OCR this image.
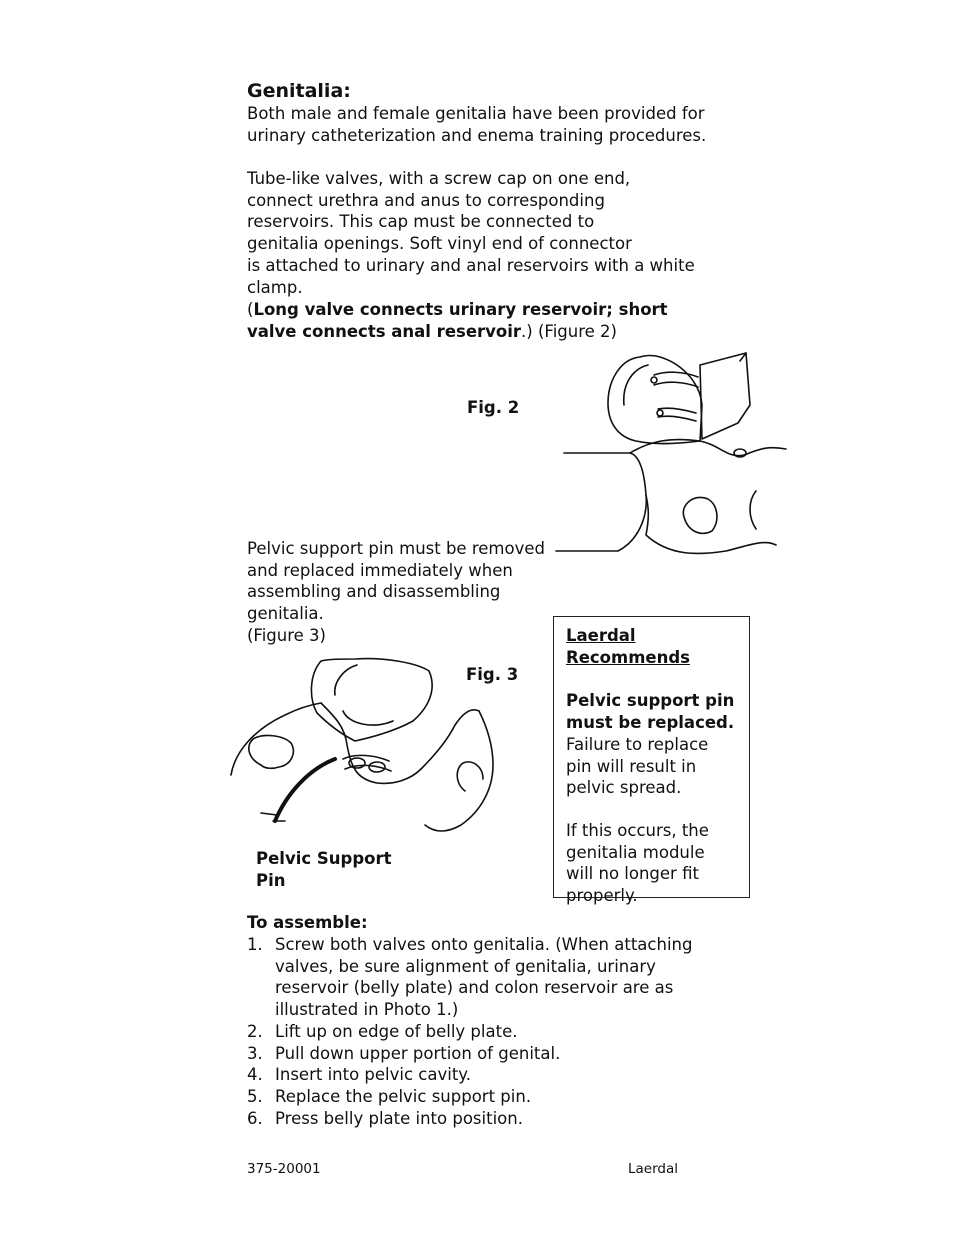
Genitalia:
Both male and female genitalia have been provided for
urinary catheterization and enema training procedures.
Tube-like valves, with a screw cap on one end,
connect urethra and anus to corresponding
reservoirs. This cap must be connected to
genitalia openings. Soft vinyl end of connector
is attached to urinary and anal reservoirs with a white
clamp.
(Long valve connects urinary reservoir; short valve connects anal reservoir.) (Figure 2)
Fig. 2
Pelvic support pin must be removed
and replaced immediately when
assembling and disassembling genitalia.
(Figure 3)
Fig. 3
Pelvic Support
Pin
Laerdal
Recommends

Pelvic support pin must be replaced.

Failure to replace pin will result in pelvic spread.

If this occurs, the genitalia module will no longer fit properly.

To assemble:
1. Screw both valves onto genitalia. (When attaching valves, be sure alignment of genitalia, urinary reservoir (belly plate) and colon reservoir are as illustrated in Photo 1.)
2. Lift up on edge of belly plate.
3. Pull down upper portion of genital.
4. Insert into pelvic cavity.
5. Replace the pelvic support pin.
6. Press belly plate into position.
375-20001	Laerdal
